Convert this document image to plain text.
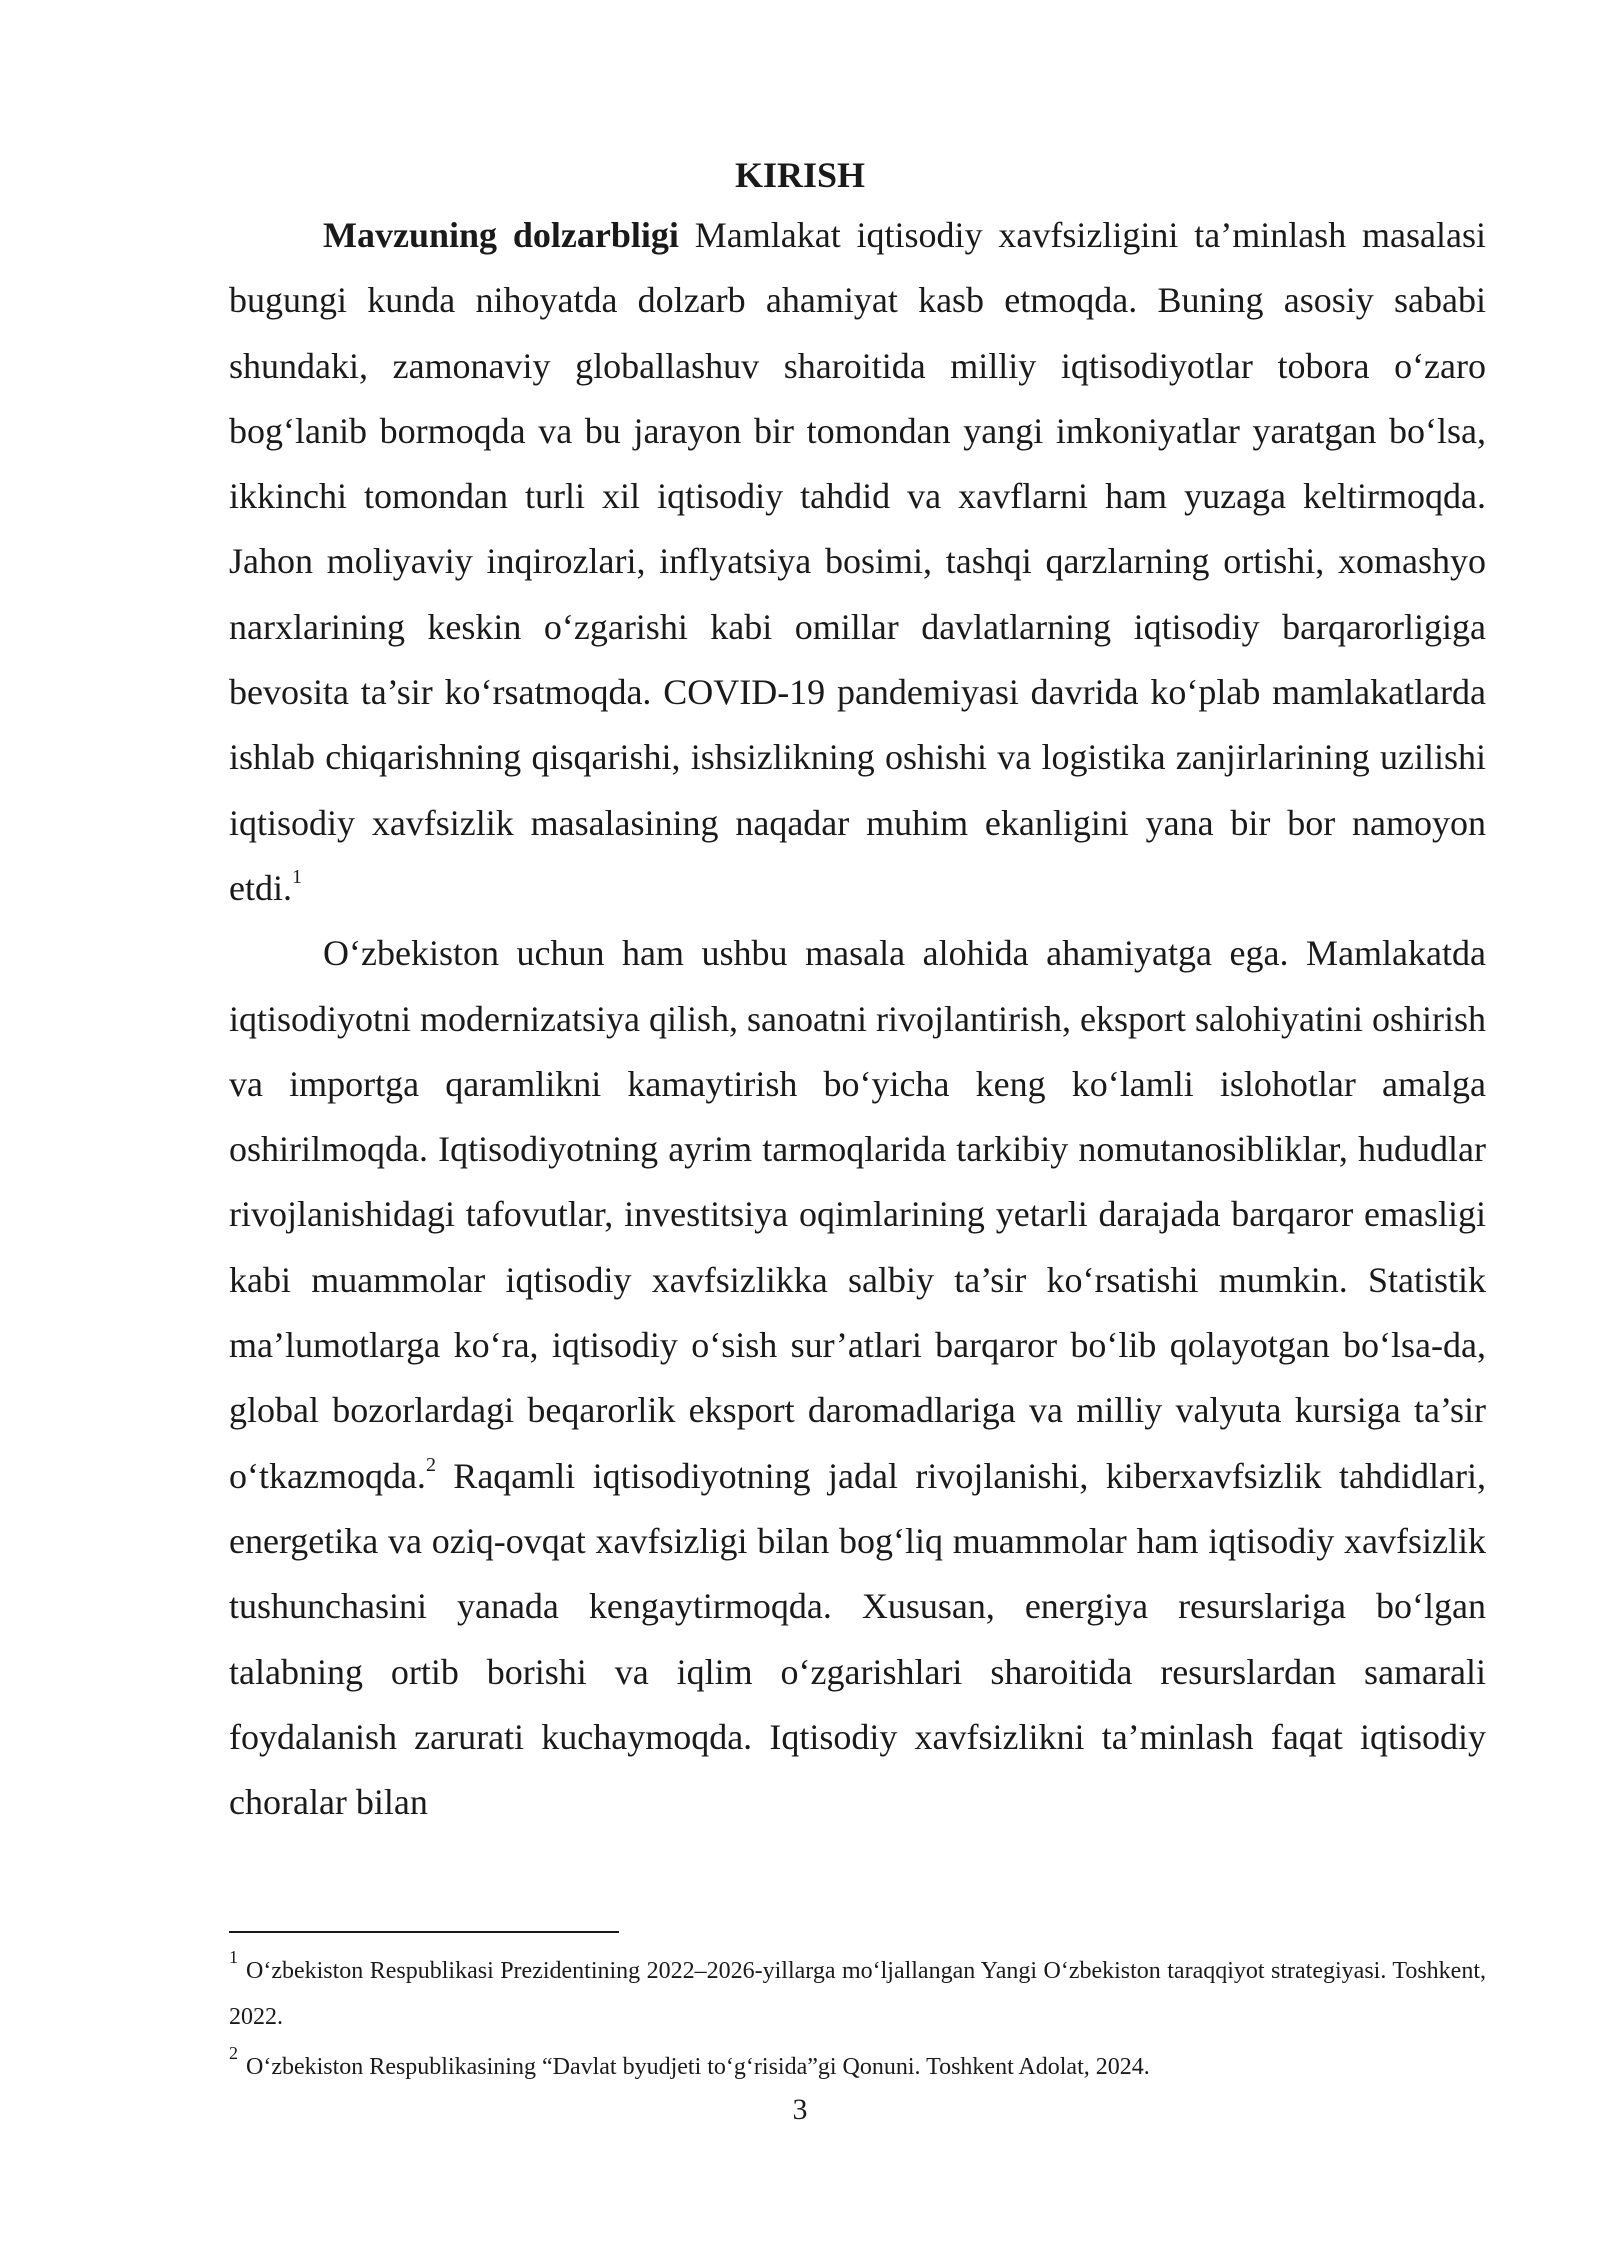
KIRISH

Mavzuning dolzarbligi Mamlakat iqtisodiy xavfsizligini ta’minlash masalasi bugungi kunda nihoyatda dolzarb ahamiyat kasb etmoqda. Buning asosiy sababi shundaki, zamonaviy globallashuv sharoitida milliy iqtisodiyotlar tobora o‘zaro bog‘lanib bormoqda va bu jarayon bir tomondan yangi imkoniyatlar yaratgan bo‘lsa, ikkinchi tomondan turli xil iqtisodiy tahdid va xavflarni ham yuzaga keltirmoqda. Jahon moliyaviy inqirozlari, inflyatsiya bosimi, tashqi qarzlarning ortishi, xomashyo narxlarining keskin o‘zgarishi kabi omillar davlatlarning iqtisodiy barqarorligiga bevosita ta’sir ko‘rsatmoqda. COVID-19 pandemiyasi davrida ko‘plab mamlakatlarda ishlab chiqarishning qisqarishi, ishsizlikning oshishi va logistika zanjirlarining uzilishi iqtisodiy xavfsizlik masalasining naqadar muhim ekanligini yana bir bor namoyon etdi.$^1$

O‘zbekiston uchun ham ushbu masala alohida ahamiyatga ega. Mamlakatda iqtisodiyotni modernizatsiya qilish, sanoatni rivojlantirish, eksport salohiyatini oshirish va importga qaramlikni kamaytirish bo‘yicha keng ko‘lamli islohotlar amalga oshirilmoqda. Iqtisodiyotning ayrim tarmoqlarida tarkibiy nomutanosibliklar, hududlar rivojlanishidagi tafovutlar, investitsiya oqimlarining yetarli darajada barqaror emasligi kabi muammolar iqtisodiy xavfsizlikka salbiy ta’sir ko‘rsatishi mumkin. Statistik ma’lumotlarga ko‘ra, iqtisodiy o‘sish sur’atlari barqaror bo‘lib qolayotgan bo‘lsa-da, global bozorlardagi beqarorlik eksport daromadlariga va milliy valyuta kursiga ta’sir o‘tkazmoqda.$^2$ Raqamli iqtisodiyotning jadal rivojlanishi, kiberxavfsizlik tahdidlari, energetika va oziq-ovqat xavfsizligi bilan bog‘liq muammolar ham iqtisodiy xavfsizlik tushunchasini yanada kengaytirmoqda. Xususan, energiya resurslariga bo‘lgan talabning ortib borishi va iqlim o‘zgarishlari sharoitida resurslardan samarali foydalanish zarurati kuchaymoqda. Iqtisodiy xavfsizlikni ta’minlash faqat iqtisodiy choralar bilan

$^1$O‘zbekiston Respublikasi Prezidentining 2022–2026-yillarga mo‘ljallangan Yangi O‘zbekiston taraqqiyot strategiyasi. Toshkent, 2022.

$^2$O‘zbekiston Respublikasining “Davlat byudjeti to‘g‘risida”gi Qonuni. Toshkent Adolat, 2024.

3
